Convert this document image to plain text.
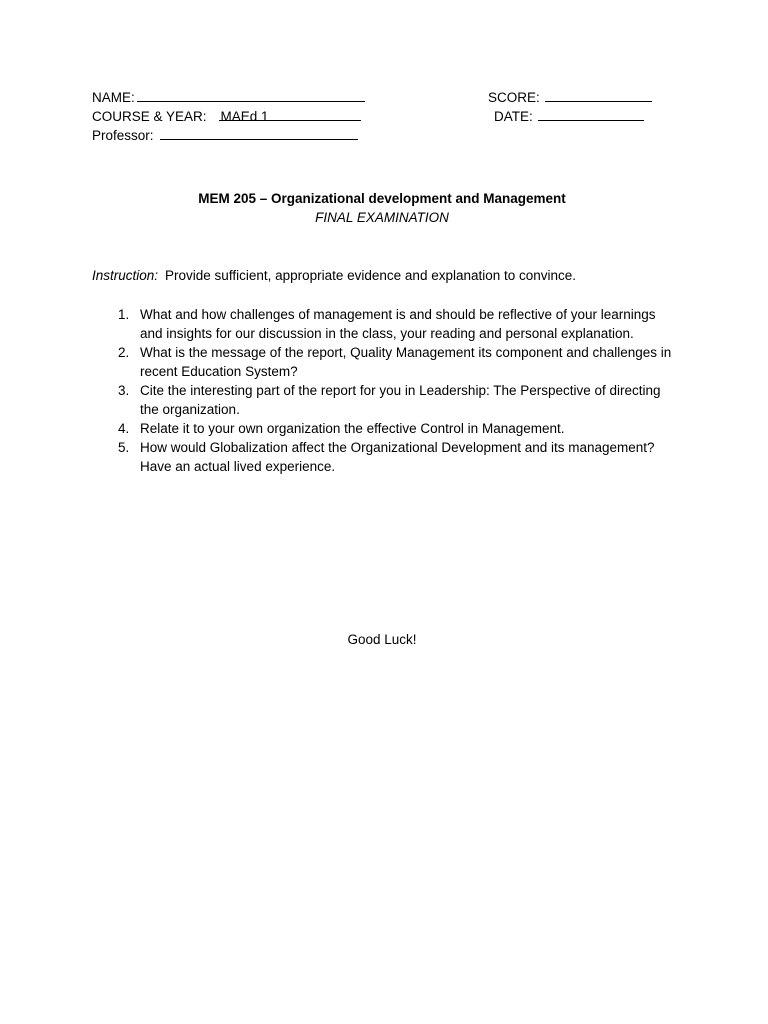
NAME:	SCORE:
COURSE & YEAR: MAEd 1	DATE:
Professor:
MEM 205 – Organizational development and Management
FINAL EXAMINATION
Instruction: Provide sufficient, appropriate evidence and explanation to convince.
1. What and how challenges of management is and should be reflective of your learnings and insights for our discussion in the class, your reading and personal explanation.
2. What is the message of the report, Quality Management its component and challenges in recent Education System?
3. Cite the interesting part of the report for you in Leadership: The Perspective of directing the organization.
4. Relate it to your own organization the effective Control in Management.
5. How would Globalization affect the Organizational Development and its management? Have an actual lived experience.
Good Luck!
